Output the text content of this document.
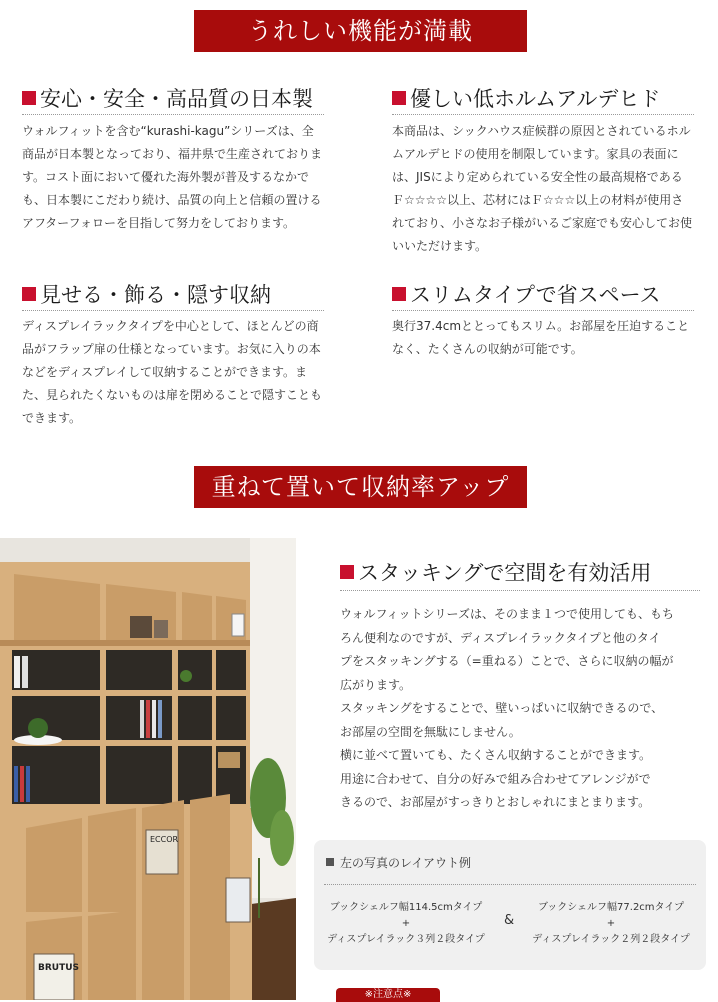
うれしい機能が満載
安心・安全・高品質の日本製
ウォルフィットを含む“kurashi-kagu”シリーズは、全商品が日本製となっており、福井県で生産されております。コスト面において優れた海外製が普及するなかでも、日本製にこだわり続け、品質の向上と信頼の置けるアフターフォローを目指して努力をしております。
優しい低ホルムアルデヒド
本商品は、シックハウス症候群の原因とされているホルムアルデヒドの使用を制限しています。家具の表面には、JISにより定められている安全性の最高規格であるＦ☆☆☆☆以上、芯材にはＦ☆☆☆以上の材料が使用されており、小さなお子様がいるご家庭でも安心してお使いいただけます。
見せる・飾る・隠す収納
ディスプレイラックタイプを中心として、ほとんどの商品がフラップ扉の仕様となっています。お気に入りの本などをディスプレイして収納することができます。また、見られたくないものは扉を閉めることで隠すこともできます。
スリムタイプで省スペース
奥行37.4cmととってもスリム。お部屋を圧迫することなく、たくさんの収納が可能です。
重ねて置いて収納率アップ
ECCOR
BRUTUS
スタッキングで空間を有効活用
ウォルフィットシリーズは、そのまま１つで使用しても、もち
ろん便利なのですが、ディスプレイラックタイプと他のタイ
プをスタッキングする（=重ねる）ことで、さらに収納の幅が
広がります。
スタッキングをすることで、壁いっぱいに収納できるので、
お部屋の空間を無駄にしません。
横に並べて置いても、たくさん収納することができます。
用途に合わせて、自分の好みで組み合わせてアレンジがで
きるので、お部屋がすっきりとおしゃれにまとまります。
左の写真のレイアウト例
ブックシェルフ幅114.5cmタイプ
+
ディスプレイラック３列２段タイプ
&
ブックシェルフ幅77.2cmタイプ
+
ディスプレイラック２列２段タイプ
※注意点※
